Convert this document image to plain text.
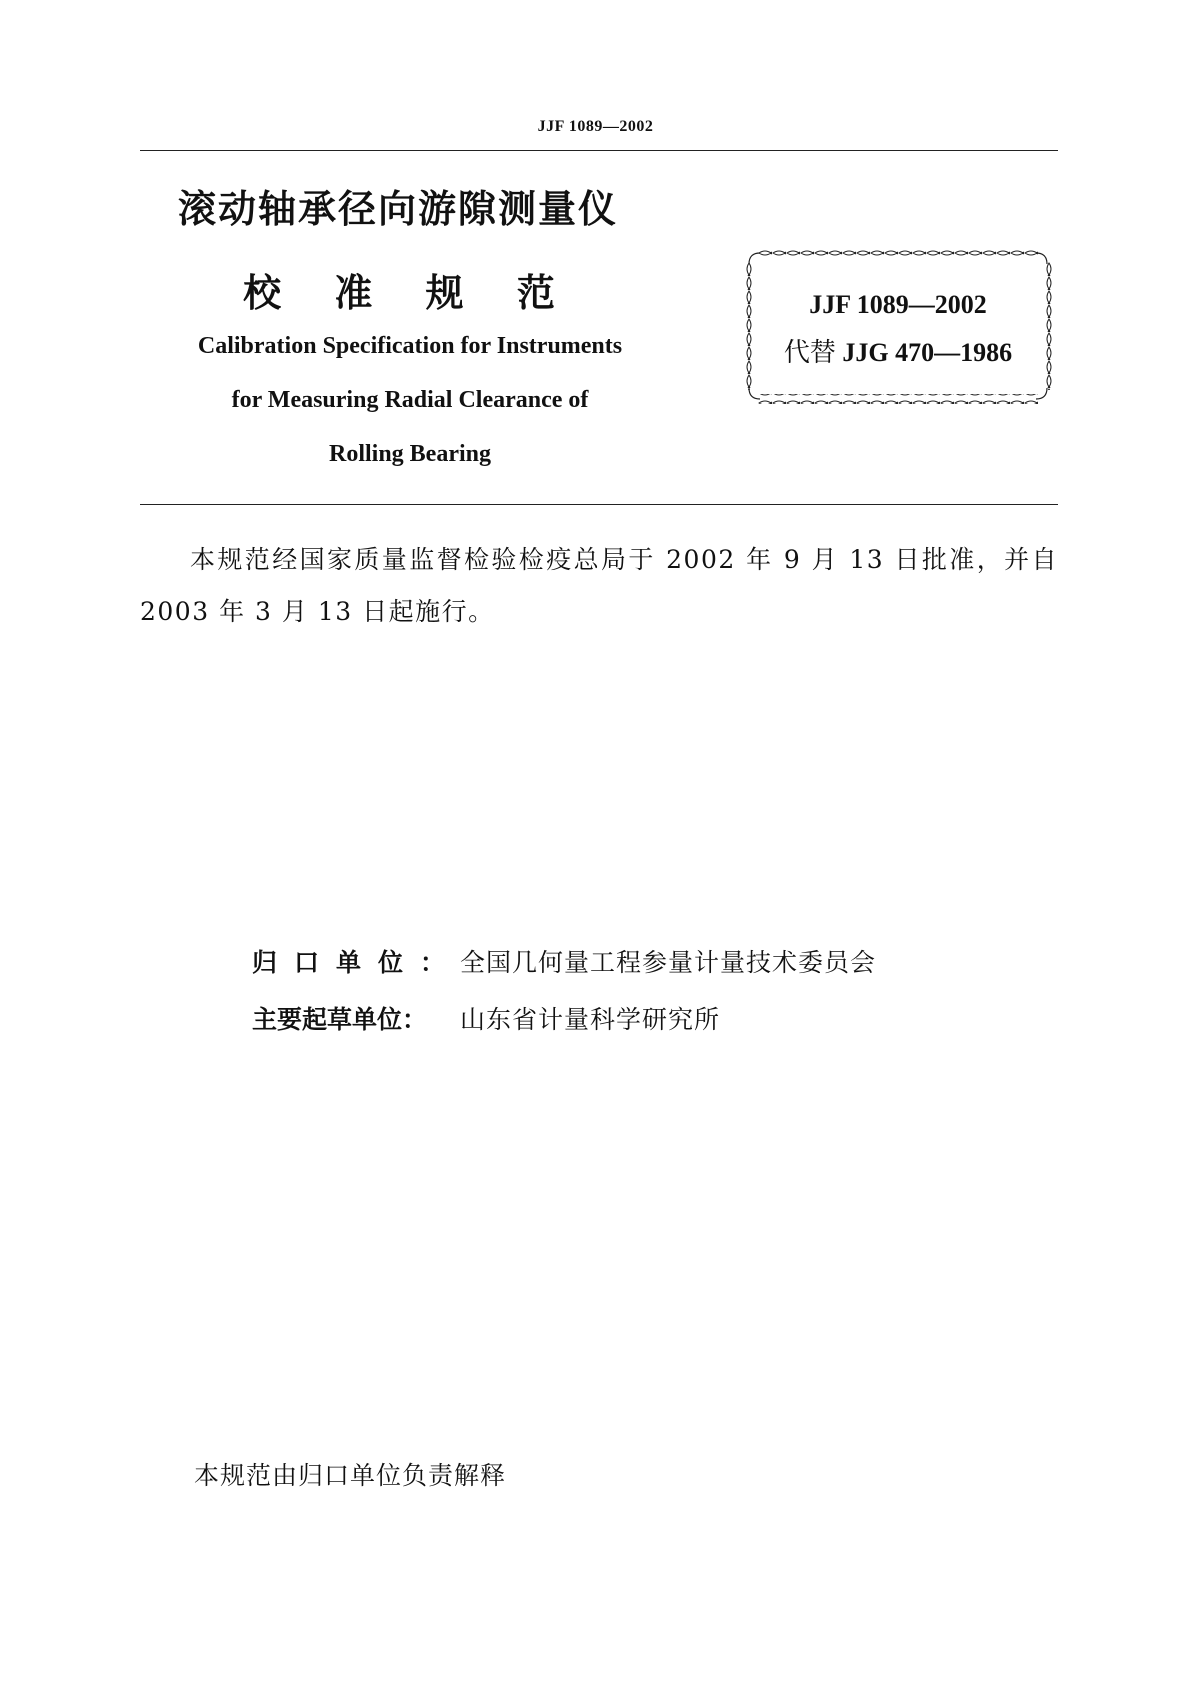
JJF 1089—2002
滚动轴承径向游隙测量仪
校 准 规 范
Calibration Specification for Instruments
for Measuring Radial Clearance of
Rolling Bearing
JJF 1089—2002
代替 JJG 470—1986
本规范经国家质量监督检验检疫总局于 2002 年 9 月 13 日批准，并自 2003 年 3 月 13 日起施行。
归口单位：全国几何量工程参量计量技术委员会
主要起草单位： 山东省计量科学研究所
本规范由归口单位负责解释
